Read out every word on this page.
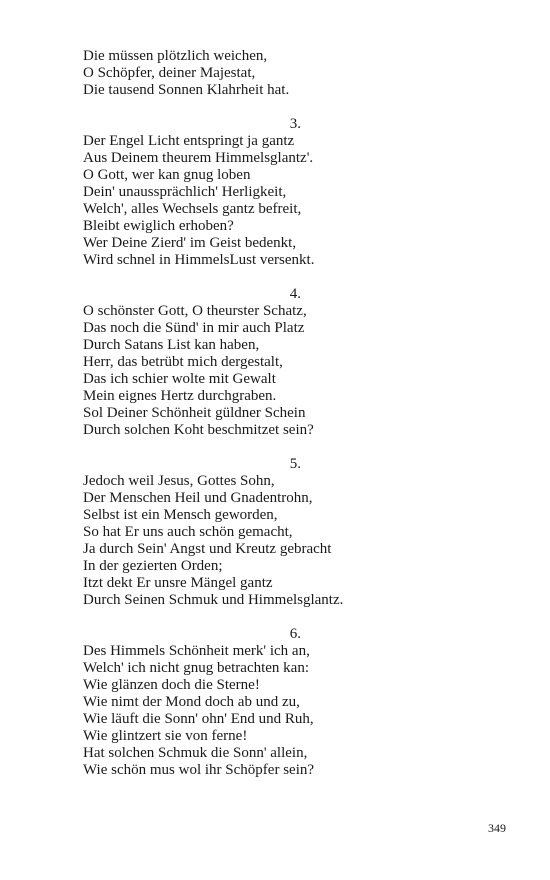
Die müssen plötzlich weichen,
O Schöpfer, deiner Majestat,
Die tausend Sonnen Klahrheit hat.
3.
Der Engel Licht entspringt ja gantz
Aus Deinem theurem Himmelsglantz'.
O Gott, wer kan gnug loben
Dein' unaussprächlich' Herligkeit,
Welch', alles Wechsels gantz befreit,
Bleibt ewiglich erhoben?
Wer Deine Zierd' im Geist bedenkt,
Wird schnel in HimmelsLust versenkt.
4.
O schönster Gott, O theurster Schatz,
Das noch die Sünd' in mir auch Platz
Durch Satans List kan haben,
Herr, das betrübt mich dergestalt,
Das ich schier wolte mit Gewalt
Mein eignes Hertz durchgraben.
Sol Deiner Schönheit güldner Schein
Durch solchen Koht beschmitzet sein?
5.
Jedoch weil Jesus, Gottes Sohn,
Der Menschen Heil und Gnadentrohn,
Selbst ist ein Mensch geworden,
So hat Er uns auch schön gemacht,
Ja durch Sein' Angst und Kreutz gebracht
In der gezierten Orden;
Itzt dekt Er unsre Mängel gantz
Durch Seinen Schmuk und Himmelsglantz.
6.
Des Himmels Schönheit merk' ich an,
Welch' ich nicht gnug betrachten kan:
Wie glänzen doch die Sterne!
Wie nimt der Mond doch ab und zu,
Wie läuft die Sonn' ohn' End und Ruh,
Wie glintzert sie von ferne!
Hat solchen Schmuk die Sonn' allein,
Wie schön mus wol ihr Schöpfer sein?
349
